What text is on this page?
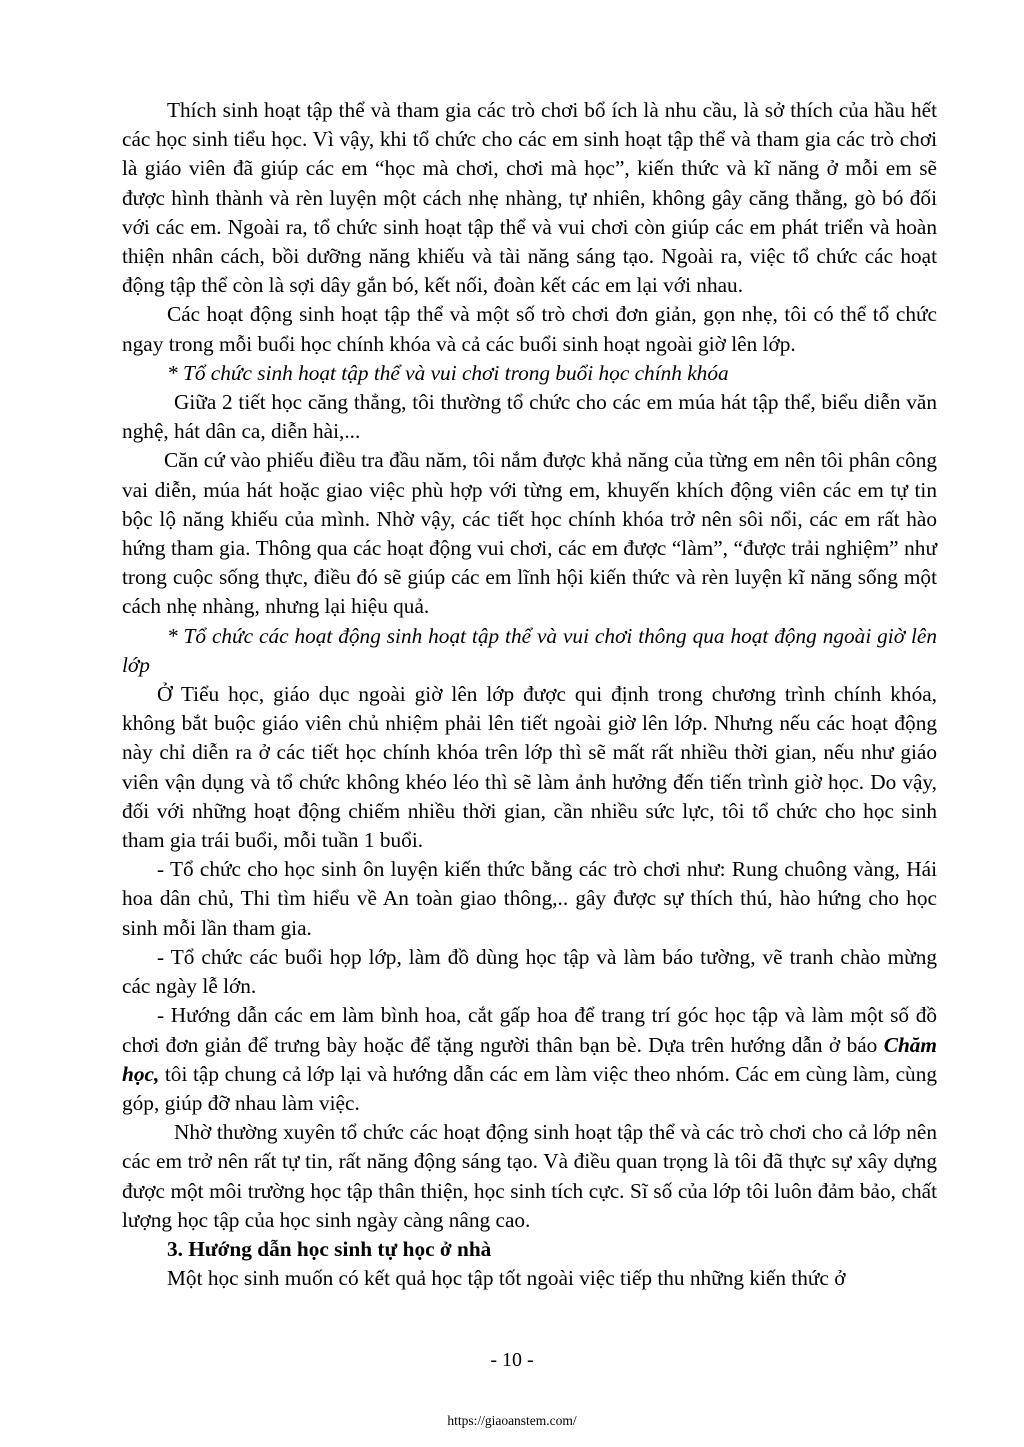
Thích sinh hoạt tập thể và tham gia các trò chơi bổ ích là nhu cầu, là sở thích của hầu hết các học sinh tiểu học. Vì vậy, khi tổ chức cho các em sinh hoạt tập thể và tham gia các trò chơi là giáo viên đã giúp các em “học mà chơi, chơi mà học”, kiến thức và kĩ năng ở mỗi em sẽ được hình thành và rèn luyện một cách nhẹ nhàng, tự nhiên, không gây căng thẳng, gò bó đối với các em. Ngoài ra, tổ chức sinh hoạt tập thể và vui chơi còn giúp các em phát triển và hoàn thiện nhân cách, bồi dưỡng năng khiếu và tài năng sáng tạo. Ngoài ra, việc tổ chức các hoạt động tập thể còn là sợi dây gắn bó, kết nối, đoàn kết các em lại với nhau.

Các hoạt động sinh hoạt tập thể và một số trò chơi đơn giản, gọn nhẹ, tôi có thể tổ chức ngay trong mỗi buổi học chính khóa và cả các buổi sinh hoạt ngoài giờ lên lớp.

* Tổ chức sinh hoạt tập thể và vui chơi trong buổi học chính khóa

Giữa 2 tiết học căng thẳng, tôi thường tổ chức cho các em múa hát tập thể, biểu diễn văn nghệ, hát dân ca, diễn hài,...

Căn cứ vào phiếu điều tra đầu năm, tôi nắm được khả năng của từng em nên tôi phân công vai diễn, múa hát hoặc giao việc phù hợp với từng em, khuyến khích động viên các em tự tin bộc lộ năng khiếu của mình. Nhờ vậy, các tiết học chính khóa trở nên sôi nổi, các em rất hào hứng tham gia. Thông qua các hoạt động vui chơi, các em được “làm”, “được trải nghiệm” như trong cuộc sống thực, điều đó sẽ giúp các em lĩnh hội kiến thức và rèn luyện kĩ năng sống một cách nhẹ nhàng, nhưng lại hiệu quả.

* Tổ chức các hoạt động sinh hoạt tập thể và vui chơi thông qua hoạt động ngoài giờ lên lớp

Ở Tiểu học, giáo dục ngoài giờ lên lớp được qui định trong chương trình chính khóa, không bắt buộc giáo viên chủ nhiệm phải lên tiết ngoài giờ lên lớp. Nhưng nếu các hoạt động này chỉ diễn ra ở các tiết học chính khóa trên lớp thì sẽ mất rất nhiều thời gian, nếu như giáo viên vận dụng và tổ chức không khéo léo thì sẽ làm ảnh hưởng đến tiến trình giờ học. Do vậy, đối với những hoạt động chiếm nhiều thời gian, cần nhiều sức lực, tôi tổ chức cho học sinh tham gia trái buổi, mỗi tuần 1 buổi.

- Tổ chức cho học sinh ôn luyện kiến thức bằng các trò chơi như: Rung chuông vàng, Hái hoa dân chủ, Thi tìm hiểu về An toàn giao thông,.. gây được sự thích thú, hào hứng cho học sinh mỗi lần tham gia.

- Tổ chức các buổi họp lớp, làm đồ dùng học tập và làm báo tường, vẽ tranh chào mừng các ngày lễ lớn.

- Hướng dẫn các em làm bình hoa, cắt gấp hoa để trang trí góc học tập và làm một số đồ chơi đơn giản để trưng bày hoặc để tặng người thân bạn bè. Dựa trên hướng dẫn ở báo Chăm học, tôi tập chung cả lớp lại và hướng dẫn các em làm việc theo nhóm. Các em cùng làm, cùng góp, giúp đỡ nhau làm việc.

Nhờ thường xuyên tổ chức các hoạt động sinh hoạt tập thể và các trò chơi cho cả lớp nên các em trở nên rất tự tin, rất năng động sáng tạo. Và điều quan trọng là tôi đã thực sự xây dựng được một môi trường học tập thân thiện, học sinh tích cực. Sĩ số của lớp tôi luôn đảm bảo, chất lượng học tập của học sinh ngày càng nâng cao.

3. Hướng dẫn học sinh tự học ở nhà

Một học sinh muốn có kết quả học tập tốt ngoài việc tiếp thu những kiến thức ở

- 10 -
https://giaoanstem.com/
